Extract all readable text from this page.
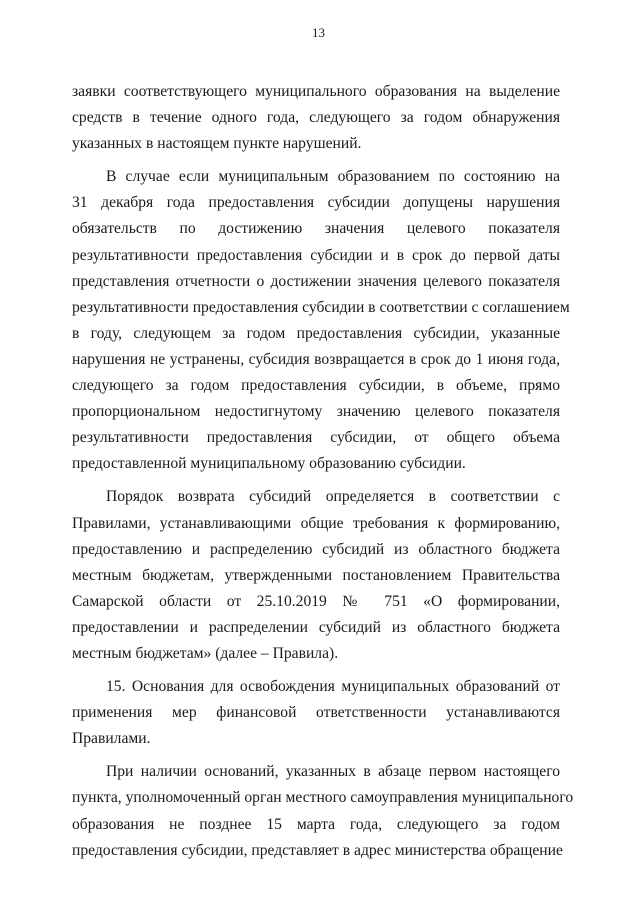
13
заявки соответствующего муниципального образования на выделение
средств в течение одного года, следующего за годом обнаружения
указанных в настоящем пункте нарушений.
В случае если муниципальным образованием по состоянию на
31 декабря года предоставления субсидии допущены нарушения
обязательств по достижению значения целевого показателя
результативности предоставления субсидии и в срок до первой даты
представления отчетности о достижении значения целевого показателя
результативности предоставления субсидии в соответствии с соглашением
в году, следующем за годом предоставления субсидии, указанные
нарушения не устранены, субсидия возвращается в срок до 1 июня года,
следующего за годом предоставления субсидии, в объеме, прямо
пропорциональном недостигнутому значению целевого показателя
результативности предоставления субсидии, от общего объема
предоставленной муниципальному образованию субсидии.
Порядок возврата субсидий определяется в соответствии с
Правилами, устанавливающими общие требования к формированию,
предоставлению и распределению субсидий из областного бюджета
местным бюджетам, утвержденными постановлением Правительства
Самарской области от 25.10.2019 № 751 «О формировании,
предоставлении и распределении субсидий из областного бюджета
местным бюджетам» (далее – Правила).
15. Основания для освобождения муниципальных образований от
применения мер финансовой ответственности устанавливаются
Правилами.
При наличии оснований, указанных в абзаце первом настоящего
пункта, уполномоченный орган местного самоуправления муниципального
образования не позднее 15 марта года, следующего за годом
предоставления субсидии, представляет в адрес министерства обращение
